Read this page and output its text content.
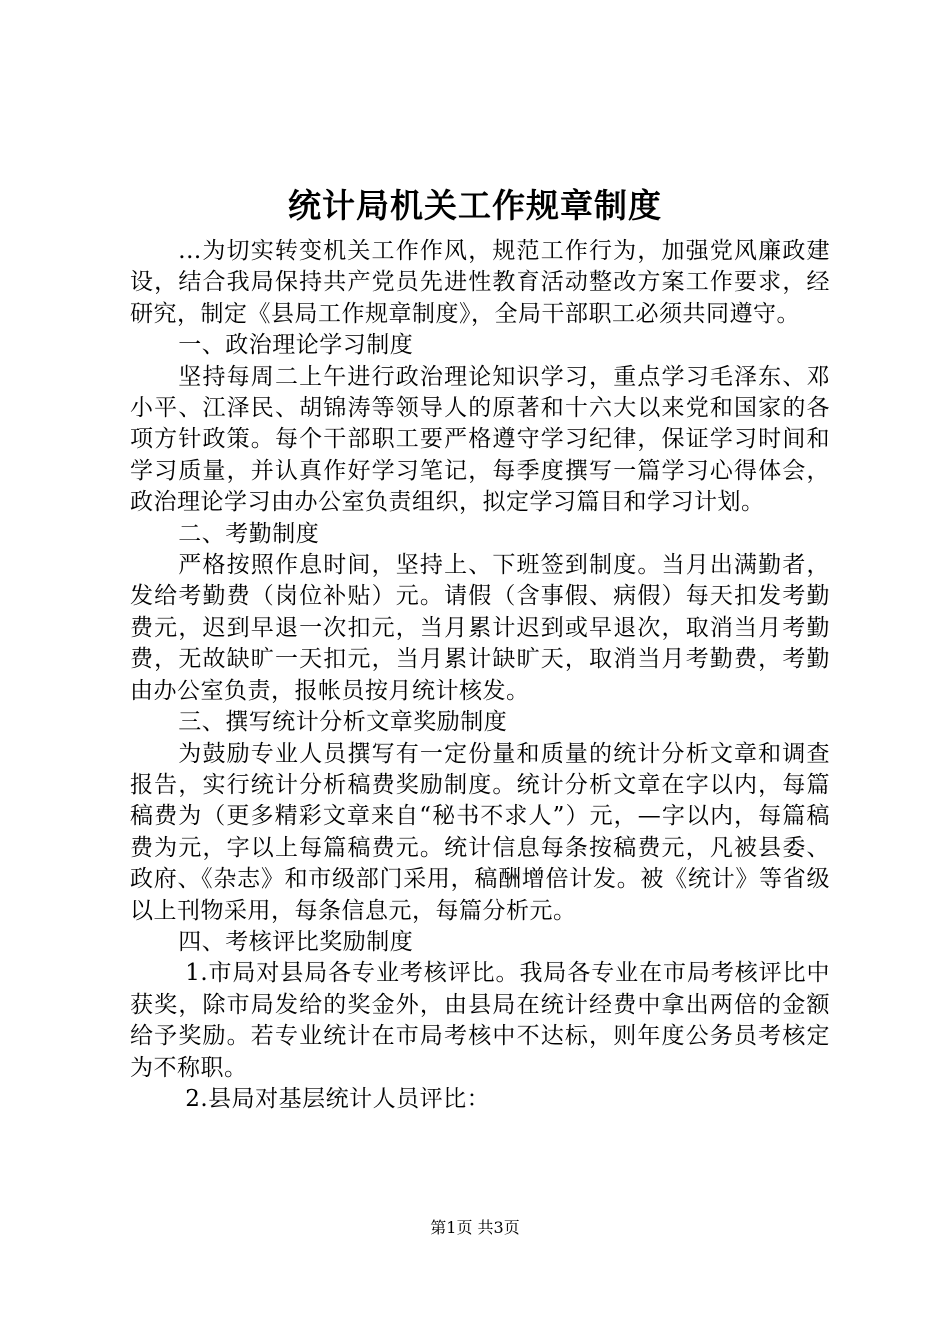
统计局机关工作规章制度

...为切实转变机关工作作风，规范工作行为，加强党风廉政建设，结合我局保持共产党员先进性教育活动整改方案工作要求，经研究，制定《县局工作规章制度》，全局干部职工必须共同遵守。

一、政治理论学习制度

坚持每周二上午进行政治理论知识学习，重点学习毛泽东、邓小平、江泽民、胡锦涛等领导人的原著和十六大以来党和国家的各项方针政策。每个干部职工要严格遵守学习纪律，保证学习时间和学习质量，并认真作好学习笔记，每季度撰写一篇学习心得体会，政治理论学习由办公室负责组织，拟定学习篇目和学习计划。

二、考勤制度

严格按照作息时间，坚持上、下班签到制度。当月出满勤者，发给考勤费（岗位补贴）元。请假（含事假、病假）每天扣发考勤费元，迟到早退一次扣元，当月累计迟到或早退次，取消当月考勤费，无故缺旷一天扣元，当月累计缺旷天，取消当月考勤费，考勤由办公室负责，报帐员按月统计核发。

三、撰写统计分析文章奖励制度

为鼓励专业人员撰写有一定份量和质量的统计分析文章和调查报告，实行统计分析稿费奖励制度。统计分析文章在字以内，每篇稿费为（更多精彩文章来自“秘书不求人”）元，—字以内，每篇稿费为元，字以上每篇稿费元。统计信息每条按稿费元，凡被县委、政府、《杂志》和市级部门采用，稿酬增倍计发。被《统计》等省级以上刊物采用，每条信息元，每篇分析元。

四、考核评比奖励制度

1.市局对县局各专业考核评比。我局各专业在市局考核评比中获奖，除市局发给的奖金外，由县局在统计经费中拿出两倍的金额给予奖励。若专业统计在市局考核中不达标，则年度公务员考核定为不称职。

2.县局对基层统计人员评比：

第1页 共3页
